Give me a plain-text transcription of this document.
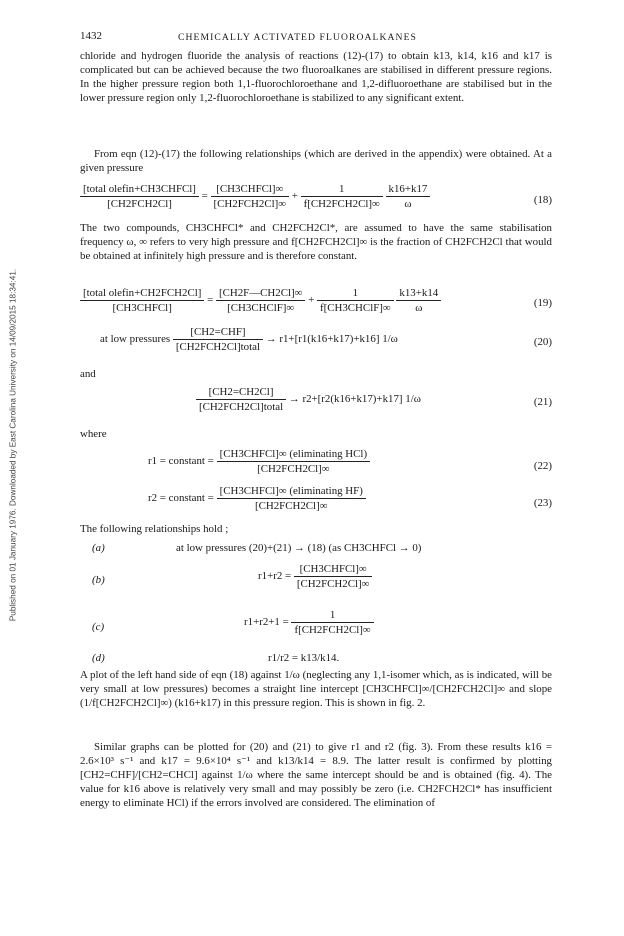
Published on 01 January 1976. Downloaded by East Carolina University on 14/09/2015 18:34:41.
1432	CHEMICALLY ACTIVATED FLUOROALKANES

chloride and hydrogen fluoride the analysis of reactions (12)-(17) to obtain k13, k14, k16 and k17 is complicated but can be achieved because the two fluoroalkanes are stabilised in different pressure regions. In the higher pressure region both 1,1-fluorochloroethane and 1,2-difluoroethane are stabilised but in the lower pressure region only 1,2-fluorochloroethane is stabilized to any significant extent.

From eqn (12)-(17) the following relationships (which are derived in the appendix) were obtained. At a given pressure

$\frac{\text{[total olefin+CH3CHFCl]}}{\text{[CH2FCH2Cl]}} = \frac{\text{[CH3CHFCl]∞}}{\text{[CH2FCH2Cl]∞}} + \frac{1}{\text{f[CH2FCH2Cl]∞}}$
$\frac{k16+k17}{\omega}$	(18)

The two compounds, CH3CHFCl* and CH2FCH2Cl*, are assumed to have the same stabilisation frequency ω, ∞ refers to very high pressure and f[CH2FCH2Cl]∞ is the fraction of CH2FCH2Cl that would be obtained at infinitely high pressure and is therefore constant.

$\frac{\text{[total olefin+CH2FCH2Cl]}}{\text{[CH3CHFCl]}} = \frac{[CH2F—CH2Cl]\infty}{\text{[CH3CHClF]∞}} + \frac{1}{\text{f[CH3CHClF]∞}}$
$\frac{k13+k14}{\omega}$	(19)
at low pressures $\frac{\text{[CH2=CHF]}}{\text{[CH2FCH2Cl]total}} \to r1+[r1(k16+k17)+k16]$ 1/ω	(20)

and

$\frac{[CH2=CH2Cl]}{\text{[CH2FCH2Cl]total}} \to r2+[r2(k16+k17)+k17]$ 1/ω	(21)

where

r1 = constant = $\frac{\text{[CH3CHFCl]∞ (eliminating HCl)}}{\text{[CH2FCH2Cl]∞}}$	(22)
r2 = constant = $\frac{\text{[CH3CHFCl]∞ (eliminating HF)}}{\text{[CH2FCH2Cl]∞}}$	(23)

The following relationships hold ;

(a)	at low pressures (20)+(21) → (18) (as CH3CHFCl → 0)
(b)	$r1+r2 = \frac{\text{[CH3CHFCl]∞}}{\text{[CH2FCH2Cl]∞}}$
(c)	$r1+r2+1 = \frac{1}{\text{f[CH2FCH2Cl]∞}}$
(d)	r1/r2 = k13/k14.

A plot of the left hand side of eqn (18) against 1/ω (neglecting any 1,1-isomer which, as is indicated, will be very small at low pressures) becomes a straight line intercept [CH3CHFCl]∞/[CH2FCH2Cl]∞ and slope (1/f[CH2FCH2Cl]∞) (k16+k17) in this pressure region. This is shown in fig. 2.

Similar graphs can be plotted for (20) and (21) to give r1 and r2 (fig. 3). From these results k16 = 2.6×10³ s⁻¹ and k17 = 9.6×10⁴ s⁻¹ and k13/k14 = 8.9. The latter result is confirmed by plotting [CH2=CHF]/[CH2=CHCl] against 1/ω where the same intercept should be and is obtained (fig. 4). The value for k16 above is relatively very small and may possibly be zero (i.e. CH2FCH2Cl* has insufficient energy to eliminate HCl) if the errors involved are considered. The elimination of
